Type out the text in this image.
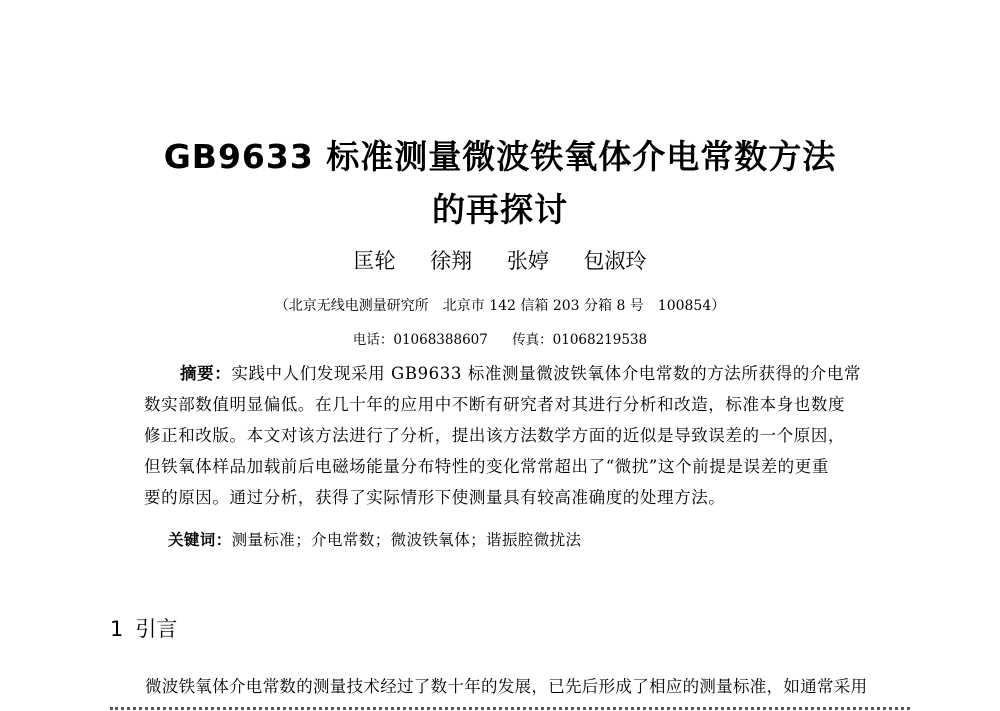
GB9633 标准测量微波铁氧体介电常数方法
的再探讨
匡轮 徐翔 张婷 包淑玲
（北京无线电测量研究所　北京市 142 信箱 203 分箱 8 号　100854）
电话：01068388607 传真：01068219538

摘要：实践中人们发现采用 GB9633 标准测量微波铁氧体介电常数的方法所获得的介电常

数实部数值明显偏低。在几十年的应用中不断有研究者对其进行分析和改造，标准本身也数度

修正和改版。本文对该方法进行了分析，提出该方法数学方面的近似是导致误差的一个原因，

但铁氧体样品加载前后电磁场能量分布特性的变化常常超出了“微扰”这个前提是误差的更重

要的原因。通过分析，获得了实际情形下使测量具有较高准确度的处理方法。

关键词：测量标准；介电常数；微波铁氧体；谐振腔微扰法
1 引言
微波铁氧体介电常数的测量技术经过了数十年的发展，已先后形成了相应的测量标准，如通常采用
